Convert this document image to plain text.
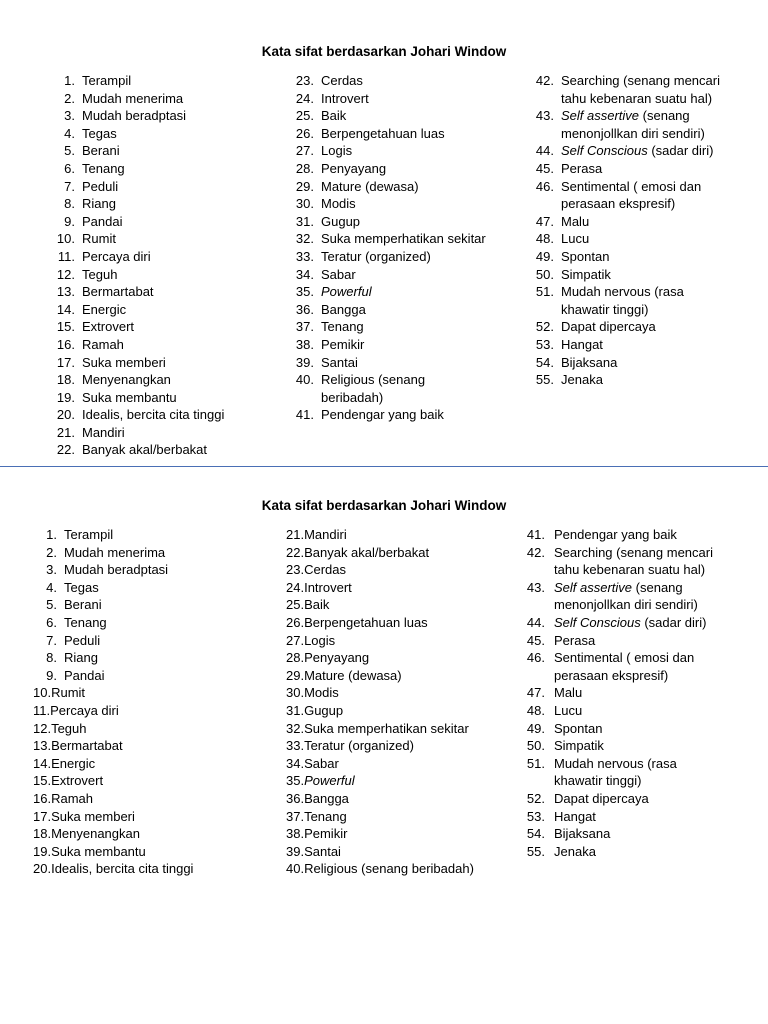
Kata sifat berdasarkan Johari Window
1. Terampil
2. Mudah menerima
3. Mudah beradptasi
4. Tegas
5. Berani
6. Tenang
7. Peduli
8. Riang
9. Pandai
10. Rumit
11. Percaya diri
12. Teguh
13. Bermartabat
14. Energic
15. Extrovert
16. Ramah
17. Suka memberi
18. Menyenangkan
19. Suka membantu
20. Idealis, bercita cita tinggi
21. Mandiri
22. Banyak akal/berbakat
23. Cerdas
24. Introvert
25. Baik
26. Berpengetahuan luas
27. Logis
28. Penyayang
29. Mature (dewasa)
30. Modis
31. Gugup
32. Suka memperhatikan sekitar
33. Teratur (organized)
34. Sabar
35. Powerful
36. Bangga
37. Tenang
38. Pemikir
39. Santai
40. Religious (senang beribadah)
41. Pendengar yang baik
42. Searching (senang mencari tahu kebenaran suatu hal)
43. Self assertive (senang menonjollkan diri sendiri)
44. Self Conscious (sadar diri)
45. Perasa
46. Sentimental ( emosi dan perasaan ekspresif)
47. Malu
48. Lucu
49. Spontan
50. Simpatik
51. Mudah nervous (rasa khawatir tinggi)
52. Dapat dipercaya
53. Hangat
54. Bijaksana
55. Jenaka
Kata sifat berdasarkan Johari Window
1. Terampil
2. Mudah menerima
3. Mudah beradptasi
4. Tegas
5. Berani
6. Tenang
7. Peduli
8. Riang
9. Pandai
10.Rumit
11.Percaya diri
12.Teguh
13.Bermartabat
14.Energic
15.Extrovert
16.Ramah
17.Suka memberi
18.Menyenangkan
19.Suka membantu
20.Idealis, bercita cita tinggi
21.Mandiri
22.Banyak akal/berbakat
23.Cerdas
24.Introvert
25.Baik
26.Berpengetahuan luas
27.Logis
28.Penyayang
29.Mature (dewasa)
30.Modis
31.Gugup
32.Suka memperhatikan sekitar
33.Teratur (organized)
34.Sabar
35.Powerful
36.Bangga
37.Tenang
38.Pemikir
39.Santai
40.Religious (senang beribadah)
41. Pendengar yang baik
42. Searching (senang mencari tahu kebenaran suatu hal)
43. Self assertive (senang menonjollkan diri sendiri)
44. Self Conscious (sadar diri)
45. Perasa
46. Sentimental ( emosi dan perasaan ekspresif)
47. Malu
48. Lucu
49. Spontan
50. Simpatik
51. Mudah nervous (rasa khawatir tinggi)
52. Dapat dipercaya
53. Hangat
54. Bijaksana
55. Jenaka
